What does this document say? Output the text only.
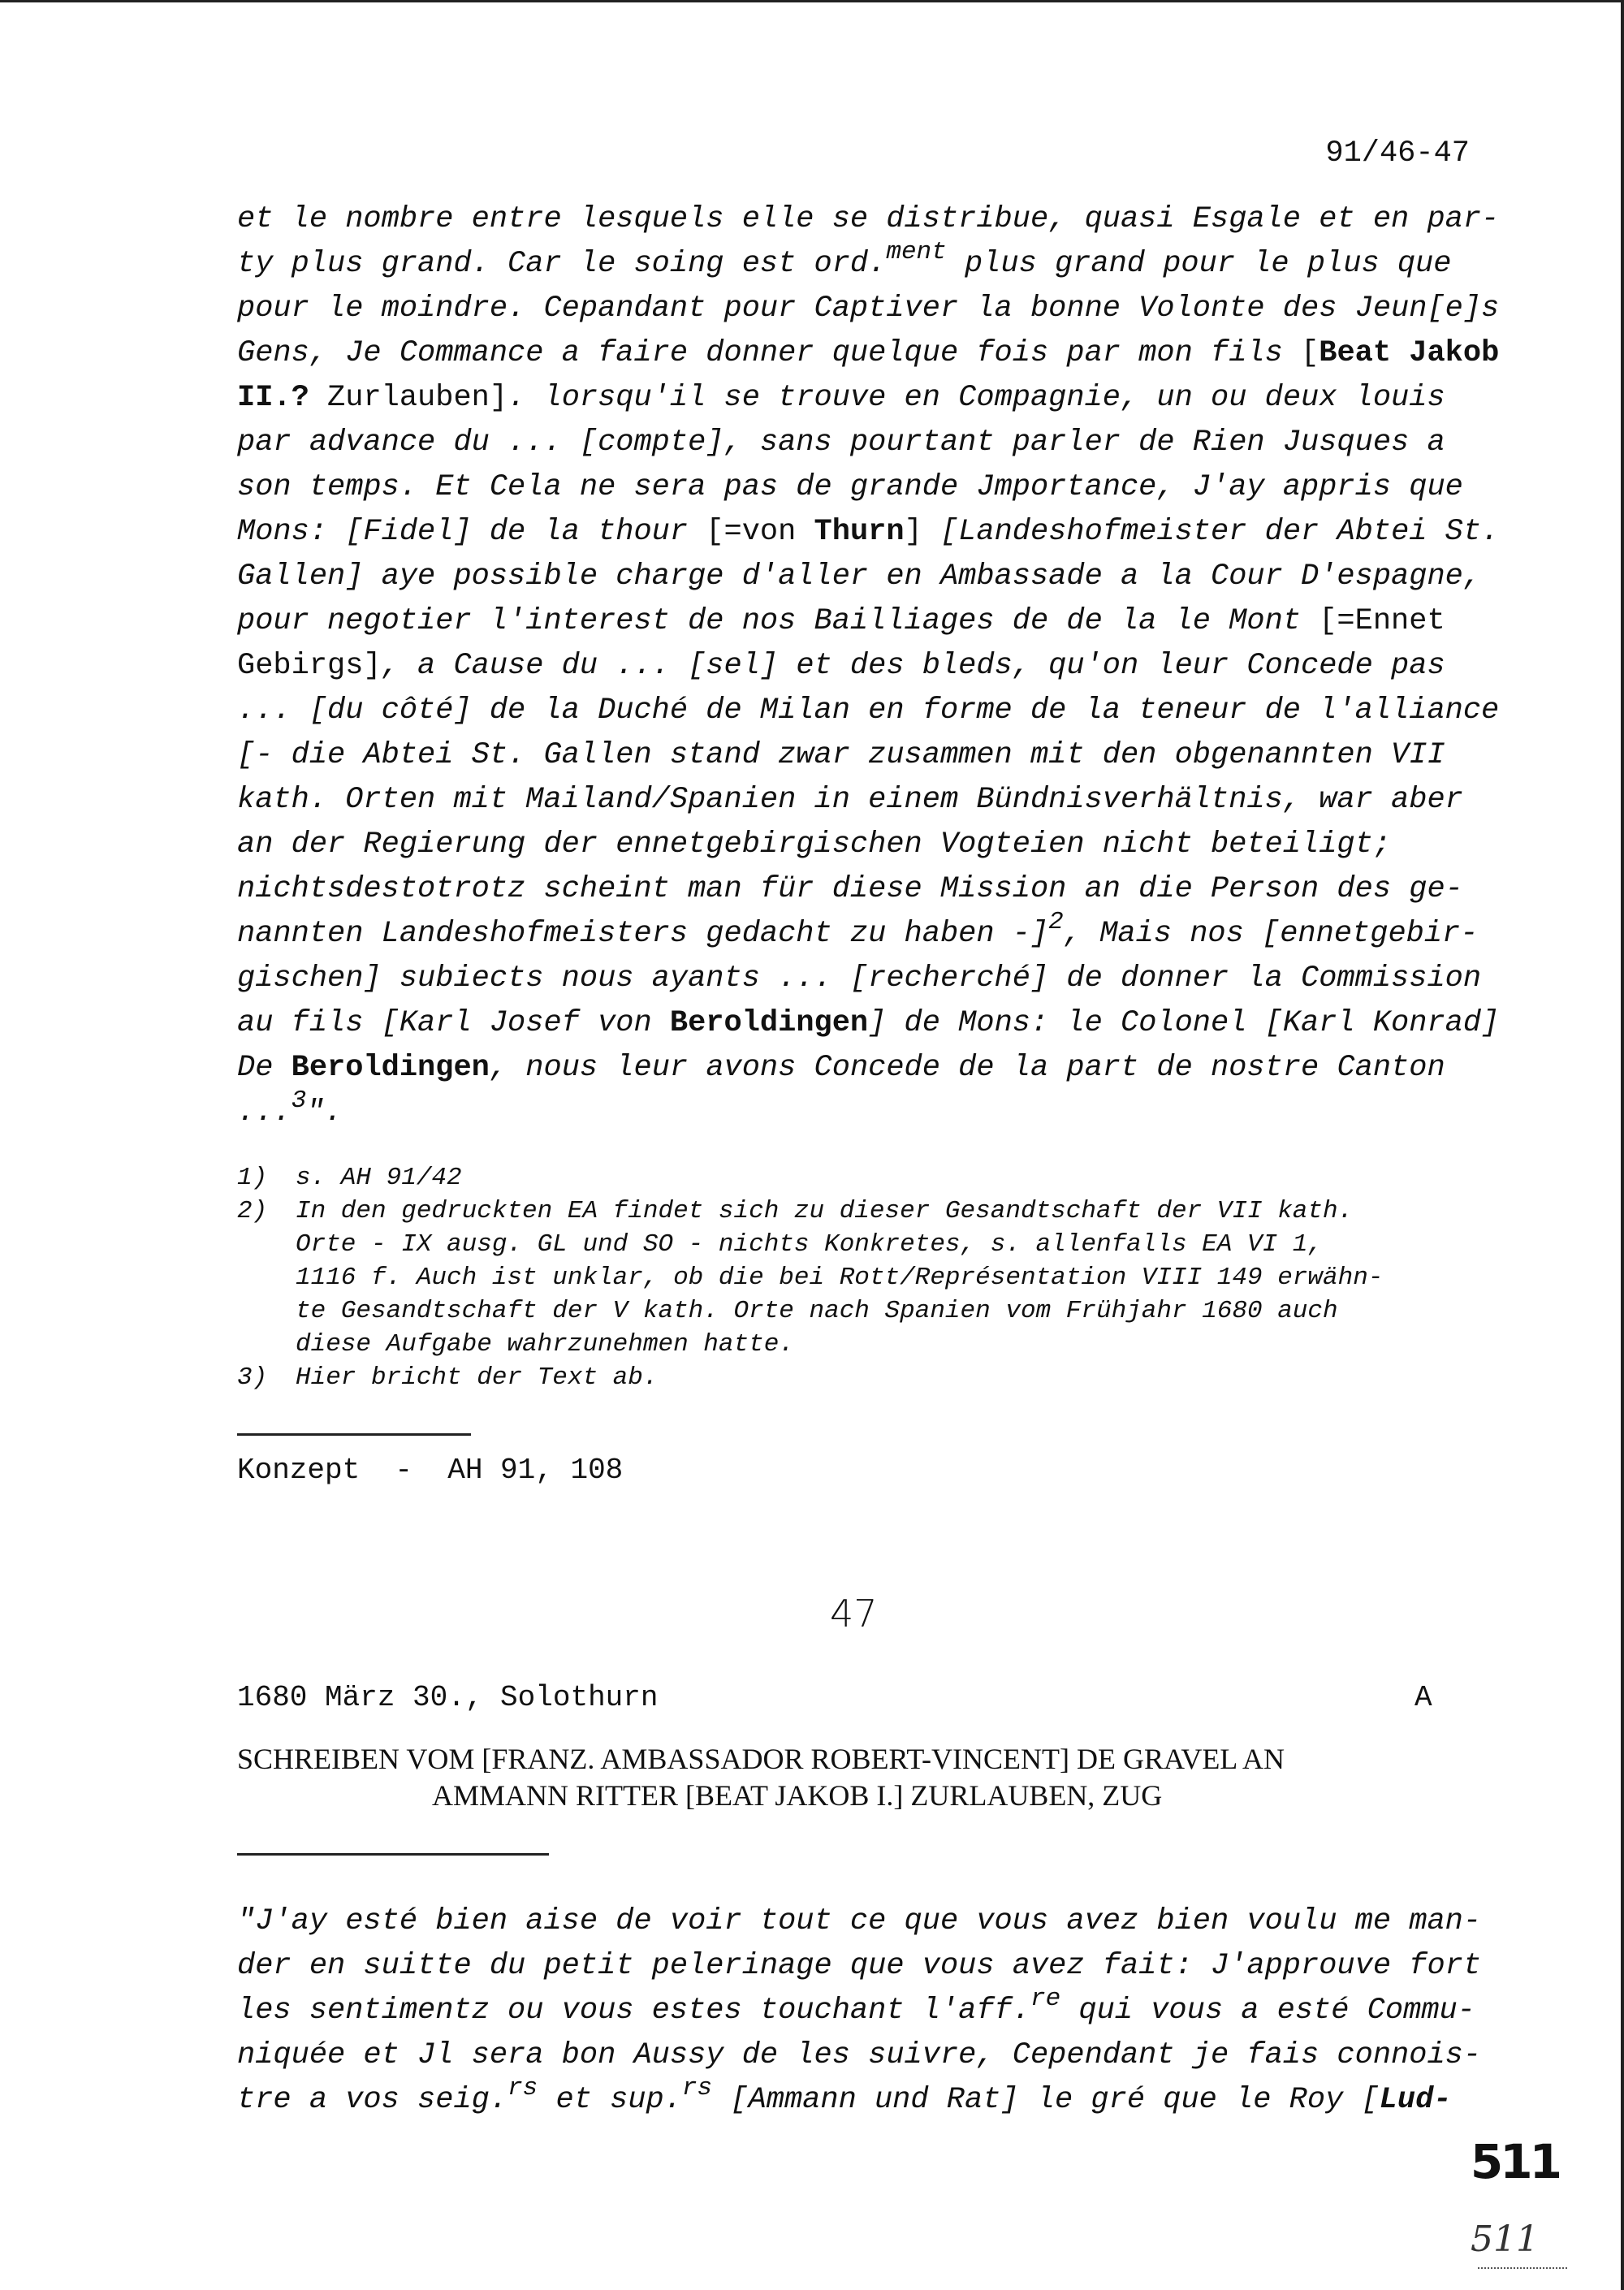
91/46-47
et le nombre entre lesquels elle se distribue, quasi Esgale et en par-
ty plus grand. Car le soing est ord.$^{ment}$ plus grand pour le plus que
pour le moindre. Cepandant pour Captiver la bonne Volonte des Jeun[e]s
Gens, Je Commance a faire donner quelque fois par mon fils [Beat Jakob
II.? Zurlauben]. lorsqu'il se trouve en Compagnie, un ou deux louis
par advance du ... [compte], sans pourtant parler de Rien Jusques a
son temps. Et Cela ne sera pas de grande Jmportance, J'ay appris que
Mons: [Fidel] de la thour [=von Thurn] [Landeshofmeister der Abtei St.
Gallen] aye possible charge d'aller en Ambassade a la Cour D'espagne,
pour negotier l'interest de nos Bailliages de de la le Mont [=Ennet
Gebirgs], a Cause du ... [sel] et des bleds, qu'on leur Concede pas
... [du côté] de la Duché de Milan en forme de la teneur de l'alliance
[- die Abtei St. Gallen stand zwar zusammen mit den obgenannten VII
kath. Orten mit Mailand/Spanien in einem Bündnisverhältnis, war aber
an der Regierung der ennetgebirgischen Vogteien nicht beteiligt;
nichtsdestotrotz scheint man für diese Mission an die Person des ge-
nannten Landeshofmeisters gedacht zu haben -]$^2$, Mais nos [ennetgebir-
gischen] subiects nous ayants ... [recherché] de donner la Commission
au fils [Karl Josef von Beroldingen] de Mons: le Colonel [Karl Konrad]
De Beroldingen, nous leur avons Concede de la part de nostre Canton
...$^3$".
1)	s. AH 91/42
2)	In den gedruckten EA findet sich zu dieser Gesandtschaft der VII kath.
Orte - IX ausg. GL und SO - nichts Konkretes, s. allenfalls EA VI 1,
1116 f. Auch ist unklar, ob die bei Rott/Représentation VIII 149 erwähn-
te Gesandtschaft der V kath. Orte nach Spanien vom Frühjahr 1680 auch
diese Aufgabe wahrzunehmen hatte.
3)	Hier bricht der Text ab.
Konzept  -  AH 91, 108
47
1680 März 30., Solothurn	A
SCHREIBEN VOM [FRANZ. AMBASSADOR ROBERT-VINCENT] DE GRAVEL AN
AMMANN RITTER [BEAT JAKOB I.] ZURLAUBEN, ZUG
"J'ay esté bien aise de voir tout ce que vous avez bien voulu me man-
der en suitte du petit pelerinage que vous avez fait: J'approuve fort
les sentimentz ou vous estes touchant l'aff.$^{re}$ qui vous a esté Commu-
niquée et Jl sera bon Aussy de les suivre, Cependant je fais connois-
tre a vos seig.$^{rs}$ et sup.$^{rs}$ [Ammann und Rat] le gré que le Roy [Lud-
511
511
